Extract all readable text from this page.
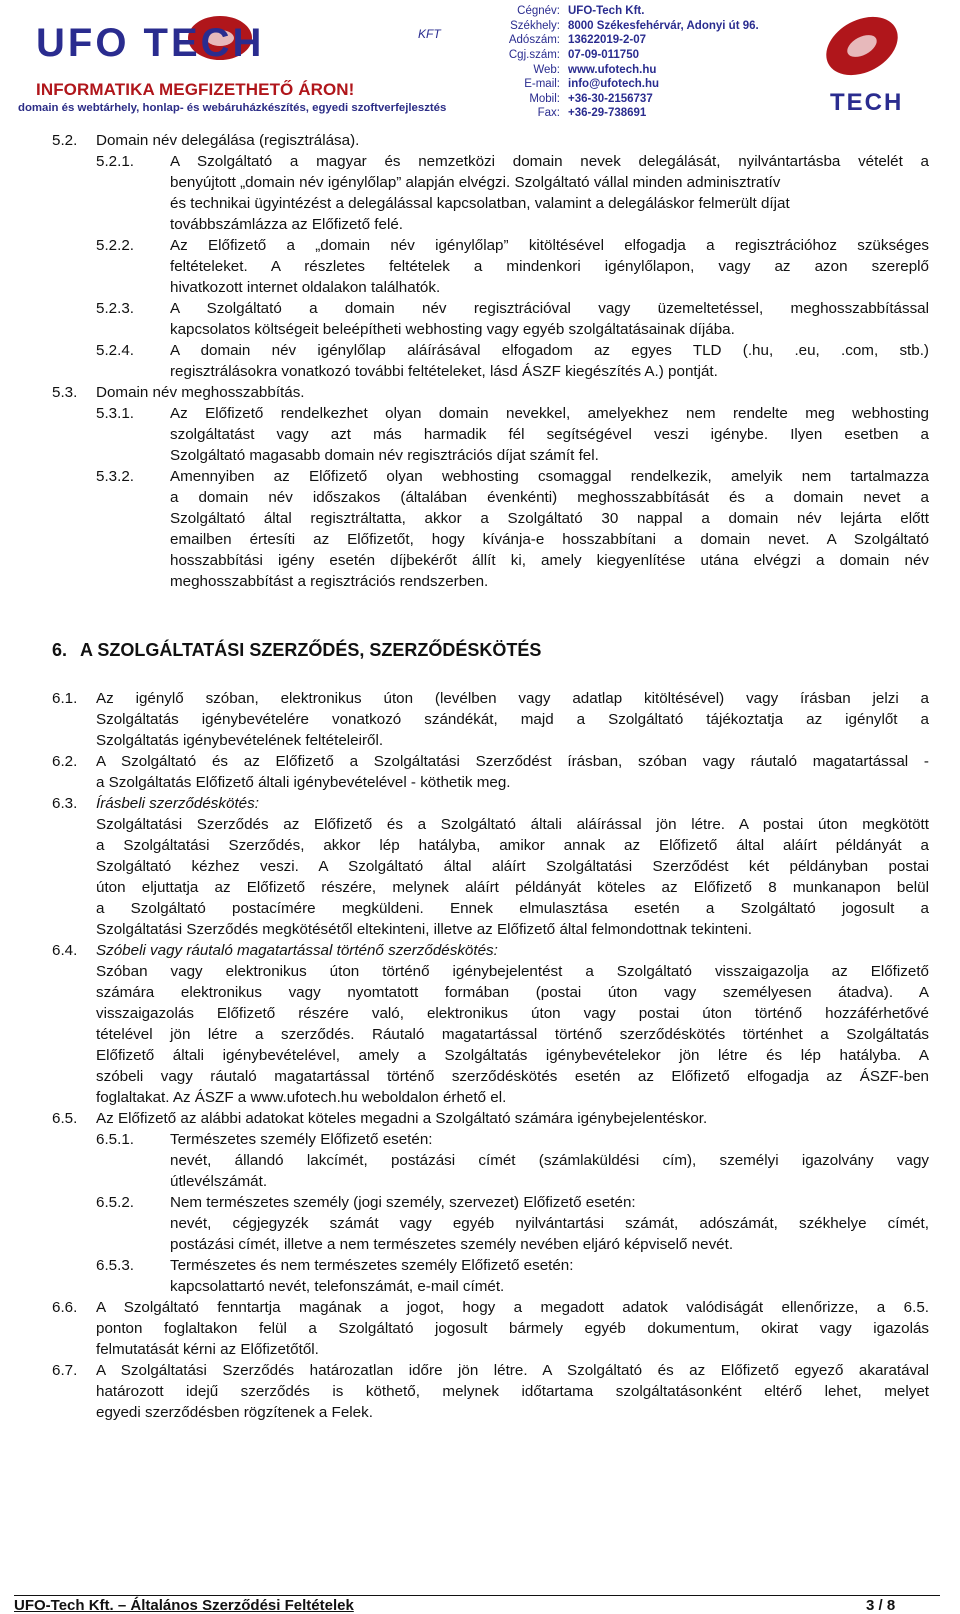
UFO TECH	KFT
INFORMATIKA MEGFIZETHETŐ ÁRON!
domain és webtárhely, honlap- és webáruházkészítés, egyedi szoftverfejlesztés
Cégnév: UFO-Tech Kft.
Székhely: 8000 Székesfehérvár, Adonyi út 96.
Adószám: 13622019-2-07
Cgj.szám: 07-09-011750
Web: www.ufotech.hu
E-mail: info@ufotech.hu
Mobil: +36-30-2156737
Fax: +36-29-738691	TECH
5.2. Domain név delegálása (regisztrálása).
5.2.1. A Szolgáltató a magyar és nemzetközi domain nevek delegálását, nyilvántartásba vételét a
benyújtott „domain név igénylőlap” alapján elvégzi. Szolgáltató vállal minden adminisztratív
és technikai ügyintézést a delegálással kapcsolatban, valamint a delegáláskor felmerült díjat
továbbszámlázza az Előfizető felé.
5.2.2. Az Előfizető a „domain név igénylőlap” kitöltésével elfogadja a regisztrációhoz szükséges
feltételeket. A részletes feltételek a mindenkori igénylőlapon, vagy az azon szereplő
hivatkozott internet oldalakon találhatók.
5.2.3. A Szolgáltató a domain név regisztrációval vagy üzemeltetéssel, meghosszabbítással
kapcsolatos költségeit beleépítheti webhosting vagy egyéb szolgáltatásainak díjába.
5.2.4. A domain név igénylőlap aláírásával elfogadom az egyes TLD (.hu, .eu, .com, stb.)
regisztrálásokra vonatkozó további feltételeket, lásd ÁSZF kiegészítés A.) pontját.
5.3. Domain név meghosszabbítás.
5.3.1. Az Előfizető rendelkezhet olyan domain nevekkel, amelyekhez nem rendelte meg webhosting
szolgáltatást vagy azt más harmadik fél segítségével veszi igénybe. Ilyen esetben a
Szolgáltató magasabb domain név regisztrációs díjat számít fel.
5.3.2. Amennyiben az Előfizető olyan webhosting csomaggal rendelkezik, amelyik nem tartalmazza
a domain név időszakos (általában évenkénti) meghosszabbítását és a domain nevet a
Szolgáltató által regisztráltatta, akkor a Szolgáltató 30 nappal a domain név lejárta előtt
emailben értesíti az Előfizetőt, hogy kívánja-e hosszabbítani a domain nevet. A Szolgáltató
hosszabbítási igény esetén díjbekérőt állít ki, amely kiegyenlítése utána elvégzi a domain név
meghosszabbítást a regisztrációs rendszerben.
6. A SZOLGÁLTATÁSI SZERZŐDÉS, SZERZŐDÉSKÖTÉS
6.1. Az igénylő szóban, elektronikus úton (levélben vagy adatlap kitöltésével) vagy írásban jelzi a
Szolgáltatás igénybevételére vonatkozó szándékát, majd a Szolgáltató tájékoztatja az igénylőt a
Szolgáltatás igénybevételének feltételeiről.
6.2. A Szolgáltató és az Előfizető a Szolgáltatási Szerződést írásban, szóban vagy ráutaló magatartással -
a Szolgáltatás Előfizető általi igénybevételével - köthetik meg.
6.3. Írásbeli szerződéskötés:
Szolgáltatási Szerződés az Előfizető és a Szolgáltató általi aláírással jön létre. A postai úton megkötött
a Szolgáltatási Szerződés, akkor lép hatályba, amikor annak az Előfizető által aláírt példányát a
Szolgáltató kézhez veszi. A Szolgáltató által aláírt Szolgáltatási Szerződést két példányban postai
úton eljuttatja az Előfizető részére, melynek aláírt példányát köteles az Előfizető 8 munkanapon belül
a Szolgáltató postacímére megküldeni. Ennek elmulasztása esetén a Szolgáltató jogosult a
Szolgáltatási Szerződés megkötésétől eltekinteni, illetve az Előfizető által felmondottnak tekinteni.
6.4. Szóbeli vagy ráutaló magatartással történő szerződéskötés:
Szóban vagy elektronikus úton történő igénybejelentést a Szolgáltató visszaigazolja az Előfizető
számára elektronikus vagy nyomtatott formában (postai úton vagy személyesen átadva). A
visszaigazolás Előfizető részére való, elektronikus úton vagy postai úton történő hozzáférhetővé
tételével jön létre a szerződés. Ráutaló magatartással történő szerződéskötés történhet a Szolgáltatás
Előfizető általi igénybevételével, amely a Szolgáltatás igénybevételekor jön létre és lép hatályba. A
szóbeli vagy ráutaló magatartással történő szerződéskötés esetén az Előfizető elfogadja az ÁSZF-ben
foglaltakat. Az ÁSZF a www.ufotech.hu weboldalon érhető el.
6.5. Az Előfizető az alábbi adatokat köteles megadni a Szolgáltató számára igénybejelentéskor.
6.5.1. Természetes személy Előfizető esetén:
nevét, állandó lakcímét, postázási címét (számlaküldési cím), személyi igazolvány vagy
útlevélszámát.
6.5.2. Nem természetes személy (jogi személy, szervezet) Előfizető esetén:
nevét, cégjegyzék számát vagy egyéb nyilvántartási számát, adószámát, székhelye címét,
postázási címét, illetve a nem természetes személy nevében eljáró képviselő nevét.
6.5.3. Természetes és nem természetes személy Előfizető esetén:
kapcsolattartó nevét, telefonszámát, e-mail címét.
6.6. A Szolgáltató fenntartja magának a jogot, hogy a megadott adatok valódiságát ellenőrizze, a 6.5.
ponton foglaltakon felül a Szolgáltató jogosult bármely egyéb dokumentum, okirat vagy igazolás
felmutatását kérni az Előfizetőtől.
6.7. A Szolgáltatási Szerződés határozatlan időre jön létre. A Szolgáltató és az Előfizető egyező akaratával
határozott idejű szerződés is köthető, melynek időtartama szolgáltatásonként eltérő lehet, melyet
egyedi szerződésben rögzítenek a Felek.
UFO-Tech Kft. – Általános Szerződési Feltételek	3 / 8
